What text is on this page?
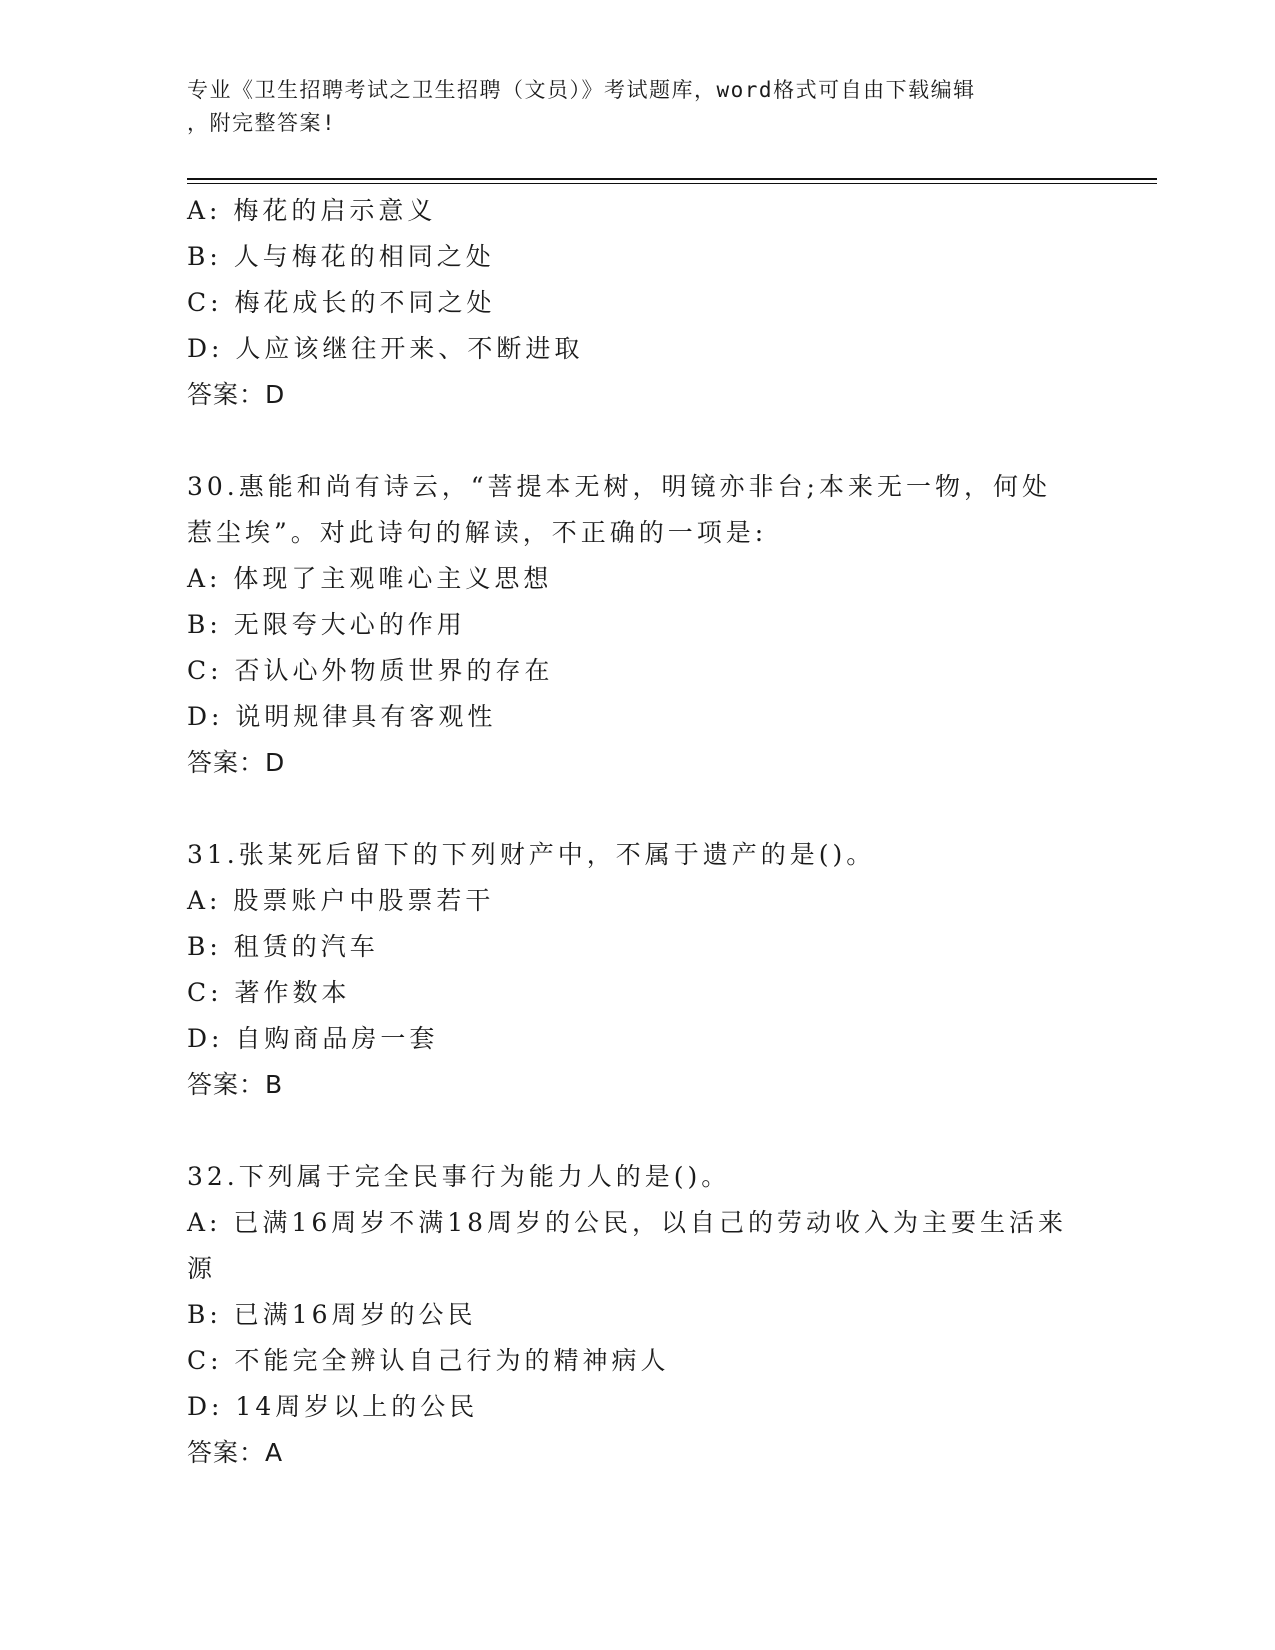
专业《卫生招聘考试之卫生招聘（文员）》考试题库，word格式可自由下载编辑
，附完整答案!
A: 梅花的启示意义
B: 人与梅花的相同之处
C: 梅花成长的不同之处
D: 人应该继往开来、不断进取
答案：D
30.惠能和尚有诗云，“菩提本无树，明镜亦非台;本来无一物，何处
惹尘埃”。对此诗句的解读，不正确的一项是:
A: 体现了主观唯心主义思想
B: 无限夸大心的作用
C: 否认心外物质世界的存在
D: 说明规律具有客观性
答案：D
31.张某死后留下的下列财产中，不属于遗产的是()。
A: 股票账户中股票若干
B: 租赁的汽车
C: 著作数本
D: 自购商品房一套
答案：B
32.下列属于完全民事行为能力人的是()。
A: 已满16周岁不满18周岁的公民，以自己的劳动收入为主要生活来
源
B: 已满16周岁的公民
C: 不能完全辨认自己行为的精神病人
D: 14周岁以上的公民
答案：A
